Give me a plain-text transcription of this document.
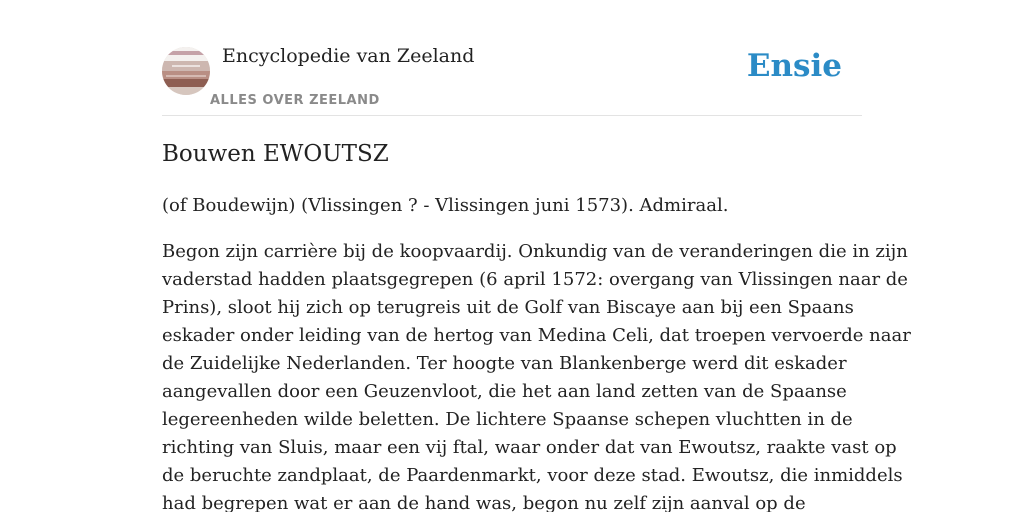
Encyclopedie van Zeeland
ALLES OVER ZEELAND
Ensie
Bouwen EWOUTSZ

(of Boudewijn) (Vlissingen ? - Vlissingen juni 1573). Admiraal.

Begon zijn carrière bij de koopvaardij. Onkundig van de veranderingen die in zijn
vaderstad hadden plaatsgegrepen (6 april 1572: overgang van Vlissingen naar de
Prins), sloot hij zich op terugreis uit de Golf van Biscaye aan bij een Spaans
eskader onder leiding van de hertog van Medina Celi, dat troepen vervoerde naar
de Zuidelijke Nederlanden. Ter hoogte van Blankenberge werd dit eskader
aangevallen door een Geuzenvloot, die het aan land zetten van de Spaanse
legereenheden wilde beletten. De lichtere Spaanse schepen vluchtten in de
richting van Sluis, maar een vij ftal, waar onder dat van Ewoutsz, raakte vast op
de beruchte zandplaat, de Paardenmarkt, voor deze stad. Ewoutsz, die inmiddels
had begrepen wat er aan de hand was, begon nu zelf zijn aanval op de
